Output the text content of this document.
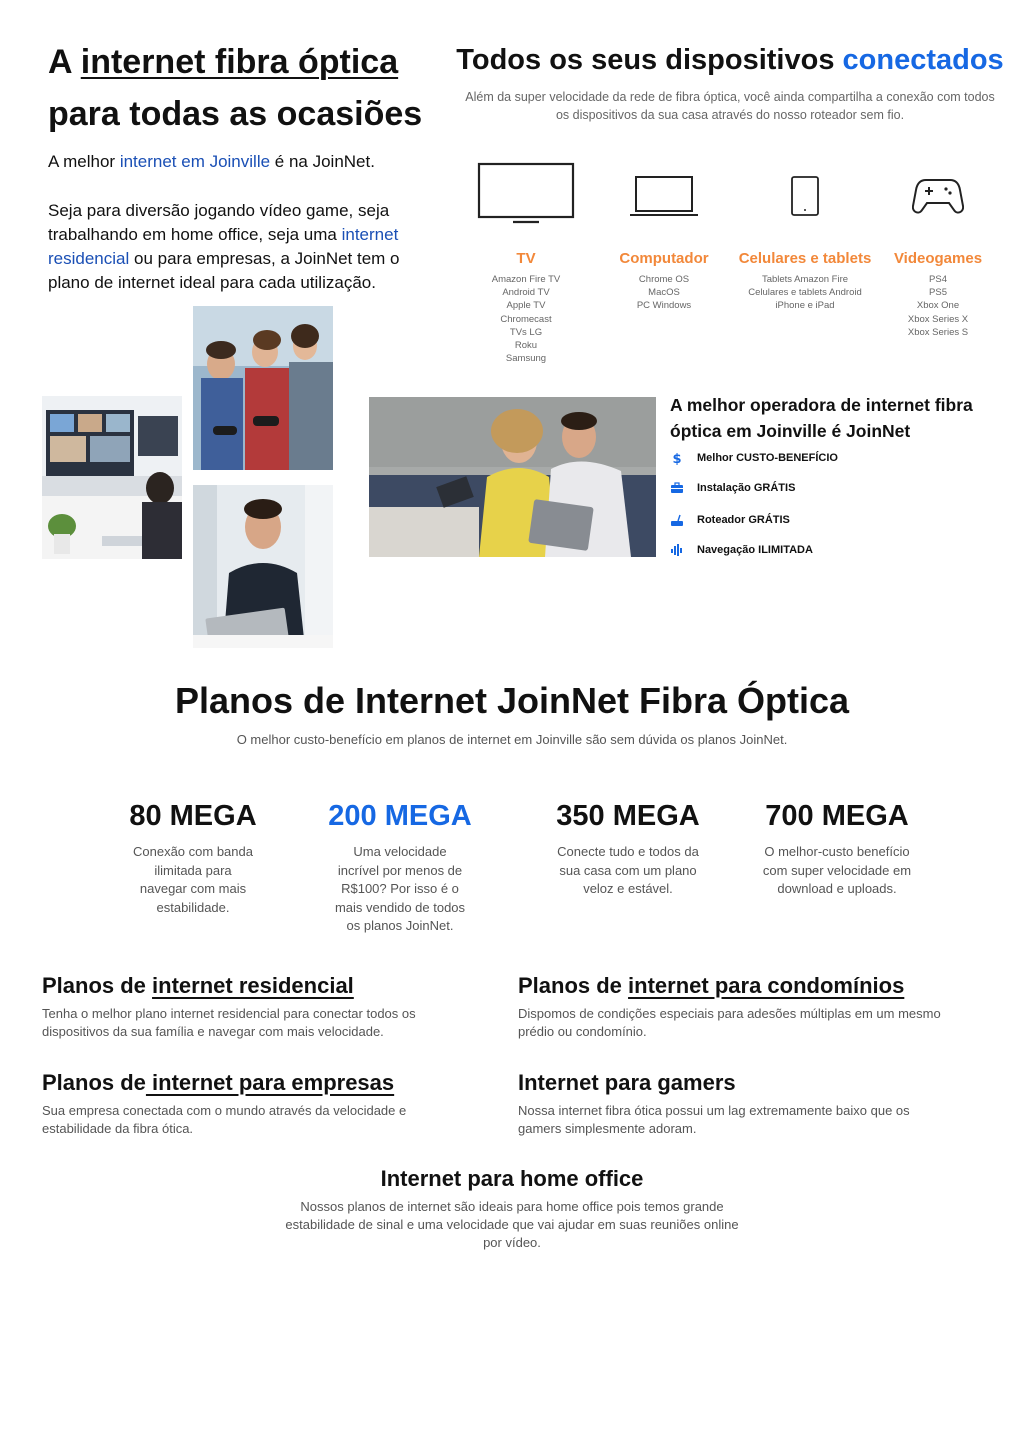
A internet fibra óptica para todas as ocasiões

A melhor internet em Joinville é na JoinNet.

Seja para diversão jogando vídeo game, seja trabalhando em home office, seja uma internet residencial ou para empresas, a JoinNet tem o plano de internet ideal para cada utilização.

Todos os seus dispositivos conectados

Além da super velocidade da rede de fibra óptica, você ainda compartilha a conexão com todos os dispositivos da sua casa através do nosso roteador sem fio.

TV
Amazon Fire TV
Android TV
Apple TV
Chromecast
TVs LG
Roku
Samsung
Computador
Chrome OS
MacOS
PC Windows
Celulares e tablets
Tablets Amazon Fire
Celulares e tablets Android
iPhone e iPad
Videogames
PS4
PS5
Xbox One
Xbox Series X
Xbox Series S
A melhor operadora de internet fibra óptica em Joinville é JoinNet
$ Melhor CUSTO-BENEFÍCIO
Instalação GRÁTIS
Roteador GRÁTIS
Navegação ILIMITADA
Planos de Internet JoinNet Fibra Óptica

O melhor custo-benefício em planos de internet em Joinville são sem dúvida os planos JoinNet.

80 MEGA
Conexão com banda ilimitada para navegar com mais estabilidade.
200 MEGA
Uma velocidade incrível por menos de R$100? Por isso é o mais vendido de todos os planos JoinNet.
350 MEGA
Conecte tudo e todos da sua casa com um plano veloz e estável.
700 MEGA
O melhor-custo benefício com super velocidade em download e uploads.
Planos de internet residencial
Tenha o melhor plano internet residencial para conectar todos os dispositivos da sua família e navegar com mais velocidade.
Planos de internet para condomínios
Dispomos de condições especiais para adesões múltiplas em um mesmo prédio ou condomínio.
Planos de internet para empresas
Sua empresa conectada com o mundo através da velocidade e estabilidade da fibra ótica.
Internet para gamers
Nossa internet fibra ótica possui um lag extremamente baixo que os gamers simplesmente adoram.
Internet para home office
Nossos planos de internet são ideais para home office pois temos grande estabilidade de sinal e uma velocidade que vai ajudar em suas reuniões online por vídeo.
